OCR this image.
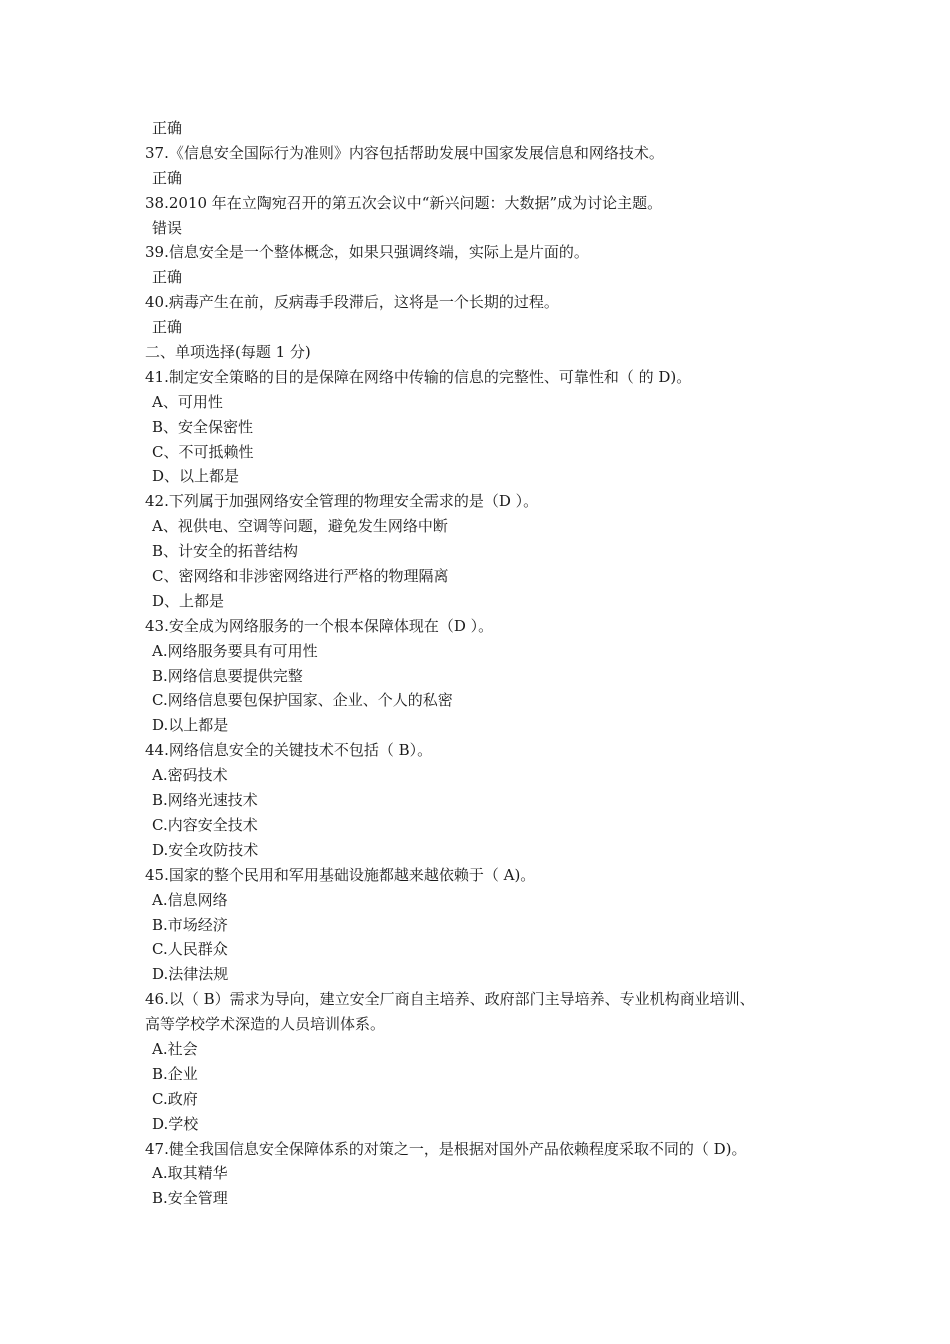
正确
37.《信息安全国际行为准则》内容包括帮助发展中国家发展信息和网络技术。
正确
38.2010 年在立陶宛召开的第五次会议中“新兴问题：大数据”成为讨论主题。
错误
39.信息安全是一个整体概念，如果只强调终端，实际上是片面的。
正确
40.病毒产生在前，反病毒手段滞后，这将是一个长期的过程。
正确
二、单项选择(每题 1 分)
41.制定安全策略的目的是保障在网络中传输的信息的完整性、可靠性和（ 的 D)。
A、可用性
B、安全保密性
C、不可抵赖性
D、以上都是
42.下列属于加强网络安全管理的物理安全需求的是（D ）。
A、视供电、空调等问题，避免发生网络中断
B、计安全的拓普结构
C、密网络和非涉密网络进行严格的物理隔离
D、上都是
43.安全成为网络服务的一个根本保障体现在（D ）。
A.网络服务要具有可用性
B.网络信息要提供完整
C.网络信息要包保护国家、企业、个人的私密
D.以上都是
44.网络信息安全的关键技术不包括（ B）。
A.密码技术
B.网络光速技术
C.内容安全技术
D.安全攻防技术
45.国家的整个民用和军用基础设施都越来越依赖于（ A)。
A.信息网络
B.市场经济
C.人民群众
D.法律法规
46.以（ B）需求为导向，建立安全厂商自主培养、政府部门主导培养、专业机构商业培训、
高等学校学术深造的人员培训体系。
A.社会
B.企业
C.政府
D.学校
47.健全我国信息安全保障体系的对策之一，是根据对国外产品依赖程度采取不同的（ D)。
A.取其精华
B.安全管理
